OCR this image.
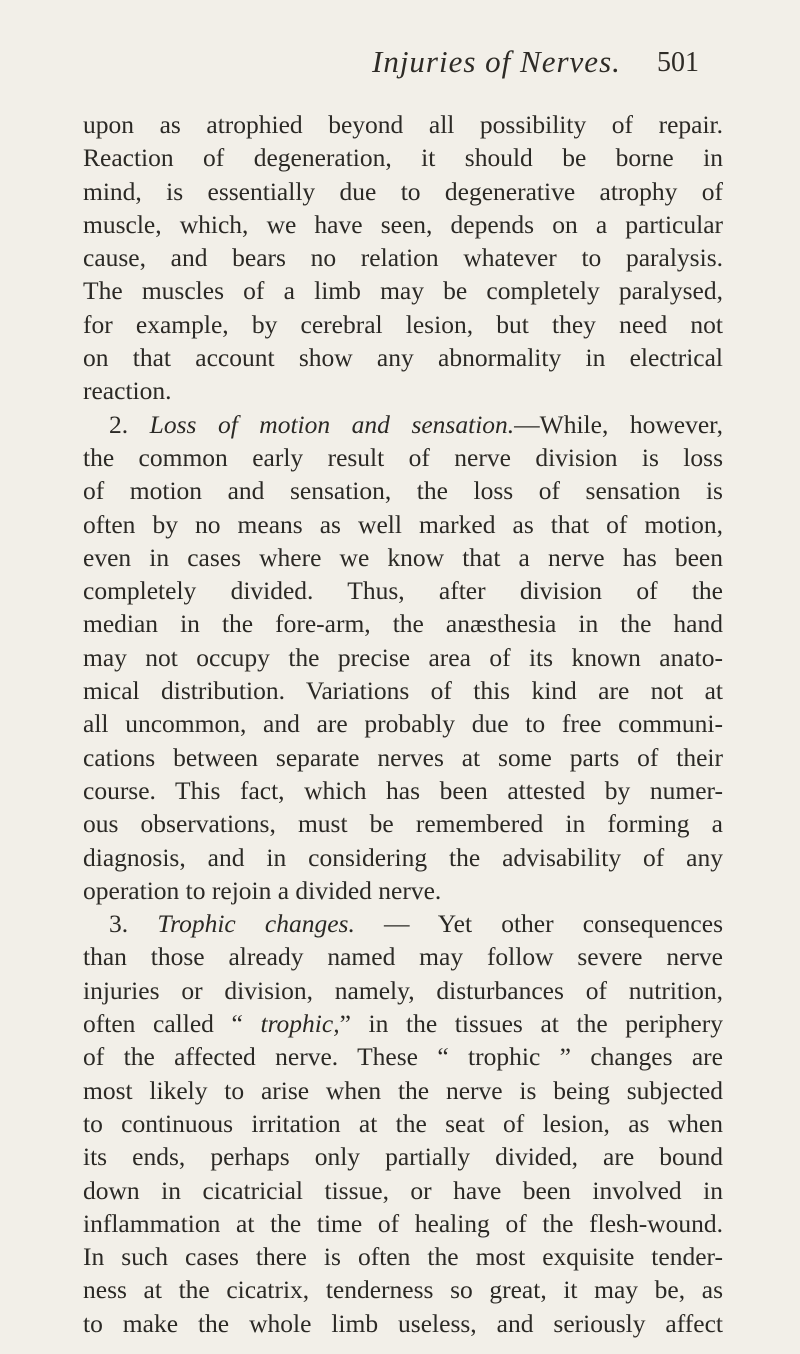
Injuries of Nerves. 501
upon as atrophied beyond all possibility of repair.
Reaction of degeneration, it should be borne in
mind, is essentially due to degenerative atrophy of
muscle, which, we have seen, depends on a particular
cause, and bears no relation whatever to paralysis.
The muscles of a limb may be completely paralysed,
for example, by cerebral lesion, but they need not
on that account show any abnormality in electrical
reaction.
2. Loss of motion and sensation.—While, however,
the common early result of nerve division is loss
of motion and sensation, the loss of sensation is
often by no means as well marked as that of motion,
even in cases where we know that a nerve has been
completely divided. Thus, after division of the
median in the fore-arm, the anæsthesia in the hand
may not occupy the precise area of its known anato-
mical distribution. Variations of this kind are not at
all uncommon, and are probably due to free communi-
cations between separate nerves at some parts of their
course. This fact, which has been attested by numer-
ous observations, must be remembered in forming a
diagnosis, and in considering the advisability of any
operation to rejoin a divided nerve.
3. Trophic changes. — Yet other consequences
than those already named may follow severe nerve
injuries or division, namely, disturbances of nutrition,
often called “ trophic,” in the tissues at the periphery
of the affected nerve. These “ trophic ” changes are
most likely to arise when the nerve is being subjected
to continuous irritation at the seat of lesion, as when
its ends, perhaps only partially divided, are bound
down in cicatricial tissue, or have been involved in
inflammation at the time of healing of the flesh-wound.
In such cases there is often the most exquisite tender-
ness at the cicatrix, tenderness so great, it may be, as
to make the whole limb useless, and seriously affect
